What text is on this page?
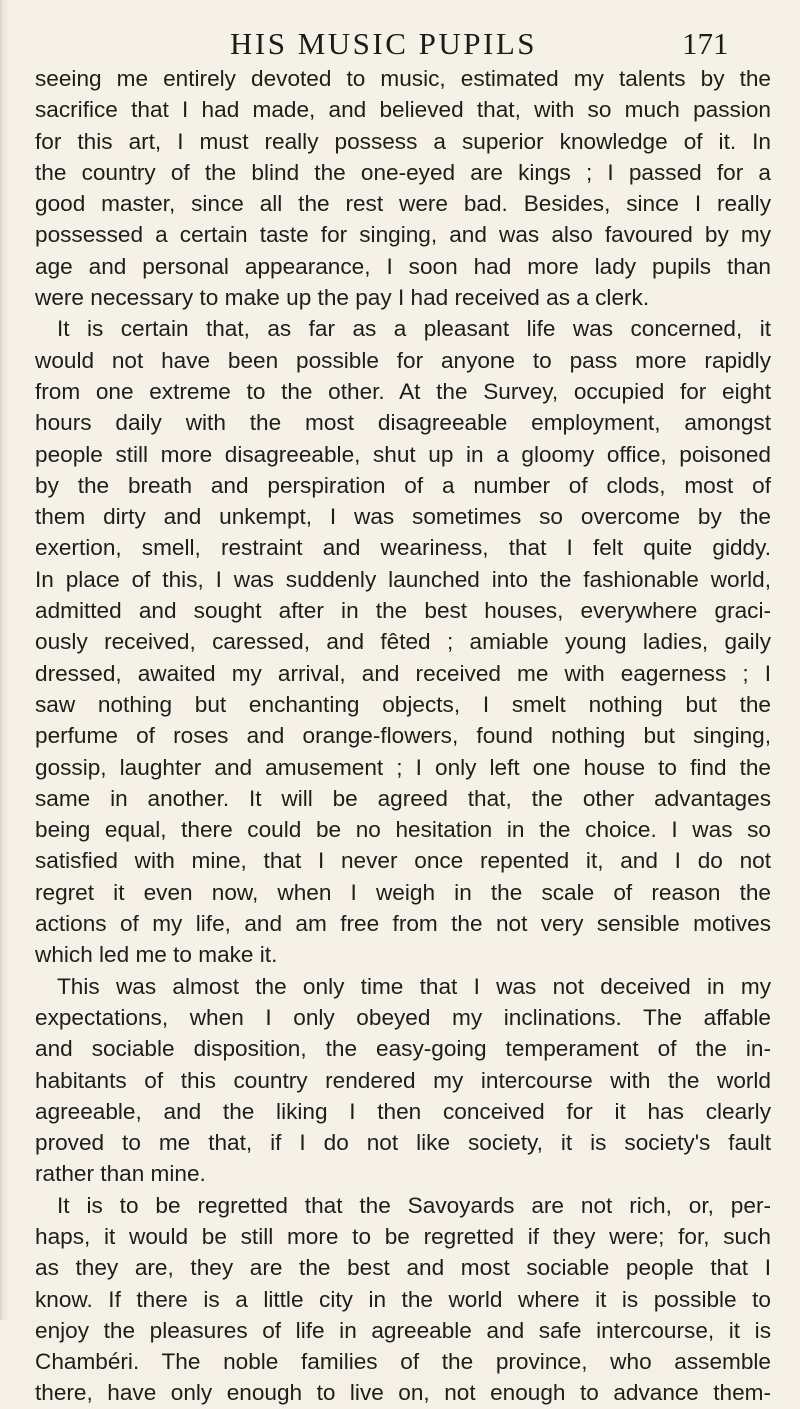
HIS MUSIC PUPILS	171
seeing me entirely devoted to music, estimated my talents by the
sacrifice that I had made, and believed that, with so much passion
for this art, I must really possess a superior knowledge of it. In
the country of the blind the one-eyed are kings ; I passed for a
good master, since all the rest were bad. Besides, since I really
possessed a certain taste for singing, and was also favoured by my
age and personal appearance, I soon had more lady pupils than
were necessary to make up the pay I had received as a clerk.
It is certain that, as far as a pleasant life was concerned, it
would not have been possible for anyone to pass more rapidly
from one extreme to the other. At the Survey, occupied for eight
hours daily with the most disagreeable employment, amongst
people still more disagreeable, shut up in a gloomy office, poisoned
by the breath and perspiration of a number of clods, most of
them dirty and unkempt, I was sometimes so overcome by the
exertion, smell, restraint and weariness, that I felt quite giddy.
In place of this, I was suddenly launched into the fashionable world,
admitted and sought after in the best houses, everywhere graci-
ously received, caressed, and fêted ; amiable young ladies, gaily
dressed, awaited my arrival, and received me with eagerness ; I
saw nothing but enchanting objects, I smelt nothing but the
perfume of roses and orange-flowers, found nothing but singing,
gossip, laughter and amusement ; I only left one house to find the
same in another. It will be agreed that, the other advantages
being equal, there could be no hesitation in the choice. I was so
satisfied with mine, that I never once repented it, and I do not
regret it even now, when I weigh in the scale of reason the
actions of my life, and am free from the not very sensible motives
which led me to make it.
This was almost the only time that I was not deceived in my
expectations, when I only obeyed my inclinations. The affable
and sociable disposition, the easy-going temperament of the in-
habitants of this country rendered my intercourse with the world
agreeable, and the liking I then conceived for it has clearly
proved to me that, if I do not like society, it is society's fault
rather than mine.
It is to be regretted that the Savoyards are not rich, or, per-
haps, it would be still more to be regretted if they were; for, such
as they are, they are the best and most sociable people that I
know. If there is a little city in the world where it is possible to
enjoy the pleasures of life in agreeable and safe intercourse, it is
Chambéri. The noble families of the province, who assemble
there, have only enough to live on, not enough to advance them-
